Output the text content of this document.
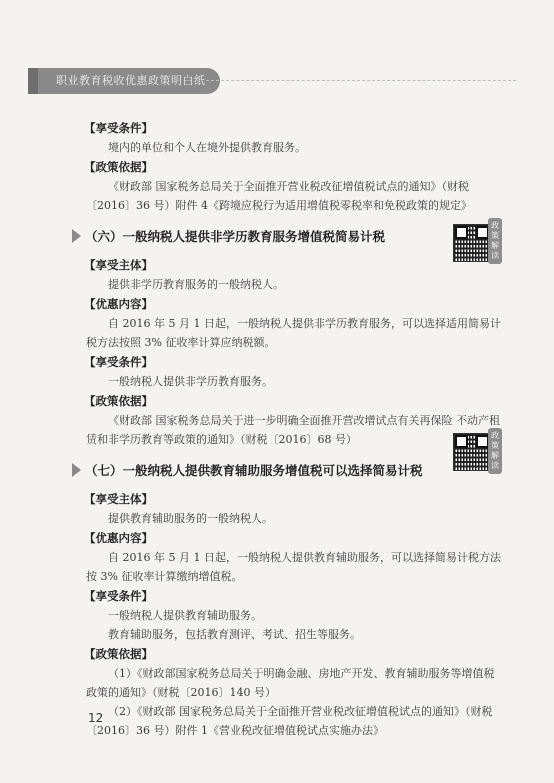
职业教育税收优惠政策明白纸
【享受条件】
境内的单位和个人在境外提供教育服务。
【政策依据】
《财政部 国家税务总局关于全面推开营业税改征增值税试点的通知》（财税〔2016〕36 号）附件 4《跨境应税行为适用增值税零税率和免税政策的规定》
（六）一般纳税人提供非学历教育服务增值税简易计税
【享受主体】
提供非学历教育服务的一般纳税人。
【优惠内容】
自 2016 年 5 月 1 日起，一般纳税人提供非学历教育服务，可以选择适用简易计税方法按照 3% 征收率计算应纳税额。
【享受条件】
一般纳税人提供非学历教育服务。
【政策依据】
《财政部 国家税务总局关于进一步明确全面推开营改增试点有关再保险 不动产租赁和非学历教育等政策的通知》（财税〔2016〕68 号）
（七）一般纳税人提供教育辅助服务增值税可以选择简易计税
【享受主体】
提供教育辅助服务的一般纳税人。
【优惠内容】
自 2016 年 5 月 1 日起，一般纳税人提供教育辅助服务，可以选择简易计税方法按 3% 征收率计算缴纳增值税。
【享受条件】
一般纳税人提供教育辅助服务。
教育辅助服务，包括教育测评、考试、招生等服务。
【政策依据】
（1）《财政部国家税务总局关于明确金融、房地产开发、教育辅助服务等增值税政策的通知》（财税〔2016〕140 号）
（2）《财政部 国家税务总局关于全面推开营业税改征增值税试点的通知》（财税〔2016〕36 号）附件 1《营业税改征增值税试点实施办法》
政
策
解
读
政
策
解
读
12
